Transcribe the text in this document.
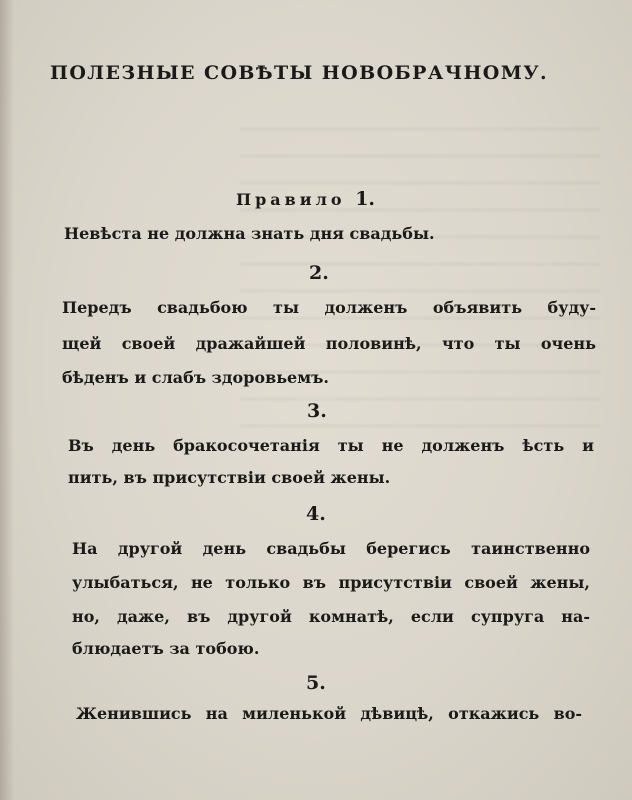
ПОЛЕЗНЫЕ СОВѢТЫ НОВОБРАЧНОМУ.
Правило 1.
Невѣста не должна знать дня свадьбы.
2.
Передъ свадьбою ты долженъ объявить буду-
щей своей дражайшей половинѣ, что ты очень
бѣденъ и слабъ здоровьемъ.
3.
Въ день бракосочетанія ты не долженъ ѣсть и
пить, въ присутствіи своей жены.
4.
На другой день свадьбы берегись таинственно
улыбаться, не только въ присутствіи своей жены,
но, даже, въ другой комнатѣ, если супруга на-
блюдаетъ за тобою.
5.
Женившись на миленькой дѣвицѣ, откажись во-
